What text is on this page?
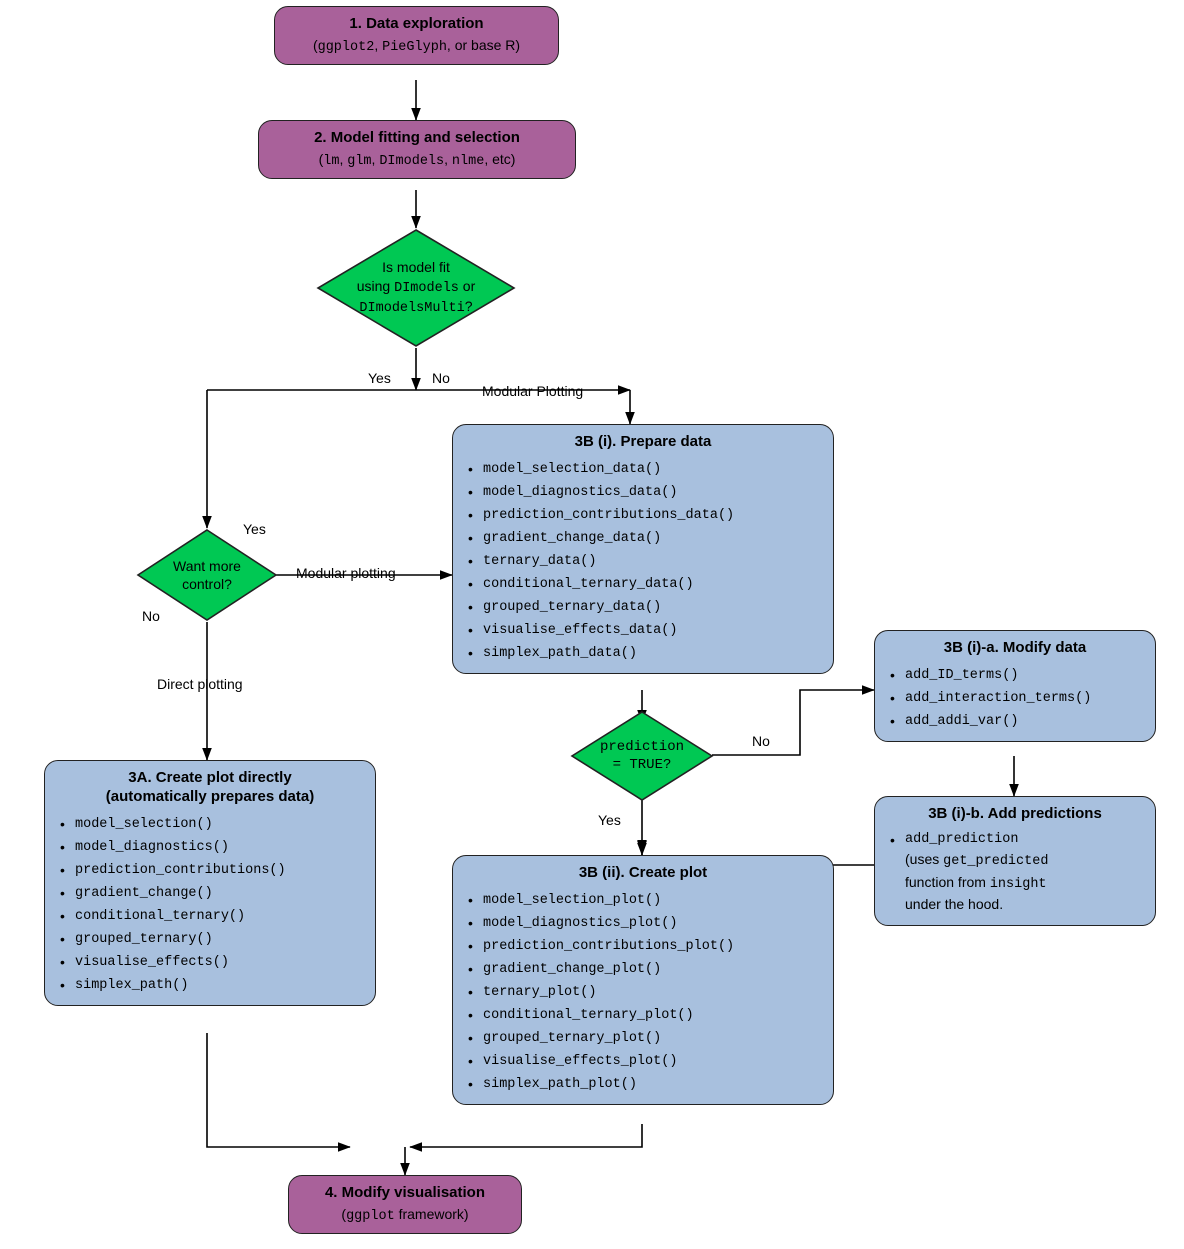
1. Data exploration
(ggplot2, PieGlyph, or base R)
2. Model fitting and selection
(lm, glm, DImodels, nlme, etc)
Is model fit
using DImodels or
DImodelsMulti?
Yes	No
Modular Plotting
Want more
control?
Yes
No
Modular plotting
Direct plotting
3B (i). Prepare data
• model_selection_data()
• model_diagnostics_data()
• prediction_contributions_data()
• gradient_change_data()
• ternary_data()
• conditional_ternary_data()
• grouped_ternary_data()
• visualise_effects_data()
• simplex_path_data()
prediction
= TRUE?
No
Yes
3B (i)-a. Modify data
• add_ID_terms()
• add_interaction_terms()
• add_addi_var()
3B (i)-b. Add predictions
• add_prediction
(uses get_predicted
function from insight
under the hood.
3A. Create plot directly
(automatically prepares data)
• model_selection()
• model_diagnostics()
• prediction_contributions()
• gradient_change()
• conditional_ternary()
• grouped_ternary()
• visualise_effects()
• simplex_path()
3B (ii). Create plot
• model_selection_plot()
• model_diagnostics_plot()
• prediction_contributions_plot()
• gradient_change_plot()
• ternary_plot()
• conditional_ternary_plot()
• grouped_ternary_plot()
• visualise_effects_plot()
• simplex_path_plot()
4. Modify visualisation
(ggplot framework)
